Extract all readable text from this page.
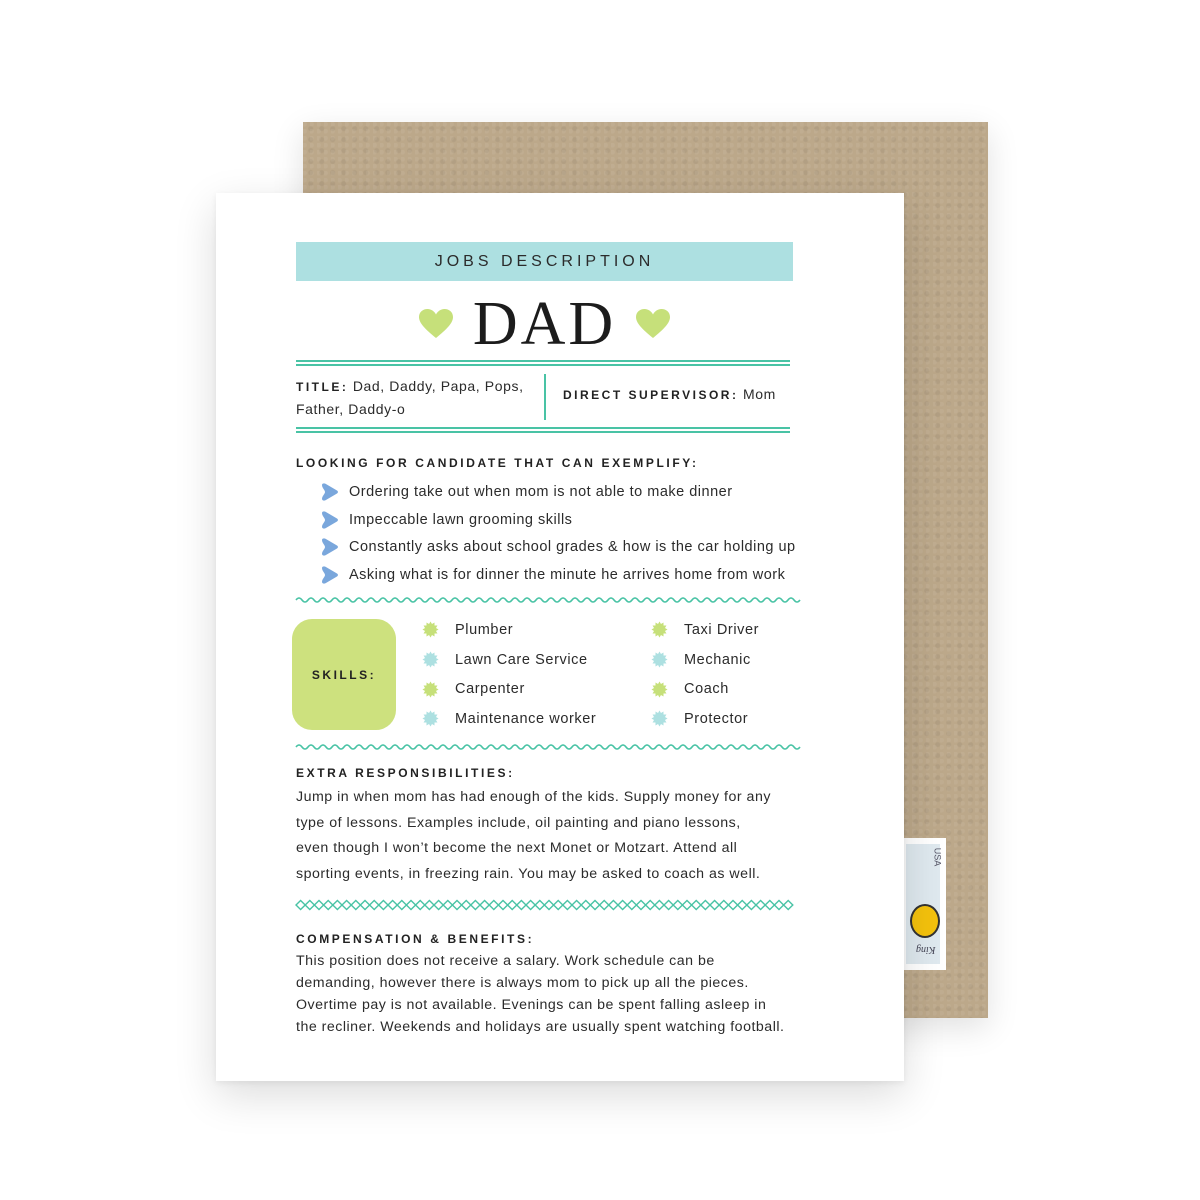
USA
King
JOBS DESCRIPTION
DAD
TITLE: Dad, Daddy, Papa, Pops, Father, Daddy-o
DIRECT SUPERVISOR: Mom
LOOKING FOR CANDIDATE THAT CAN EXEMPLIFY:
Ordering take out when mom is not able to make dinner
Impeccable lawn grooming skills
Constantly asks about school grades & how is the car holding up
Asking what is for dinner the minute he arrives home from work
SKILLS:
Plumber
Lawn Care Service
Carpenter
Maintenance worker
Taxi Driver
Mechanic
Coach
Protector
EXTRA RESPONSIBILITIES:
Jump in when mom has had enough of the kids. Supply money for any
type of lessons. Examples include, oil painting and piano lessons,
even though I won’t become the next Monet or Motzart. Attend all
sporting events, in freezing rain. You may be asked to coach as well.
COMPENSATION & BENEFITS:
This position does not receive a salary. Work schedule can be
demanding, however there is always mom to pick up all the pieces.
Overtime pay is not available. Evenings can be spent falling asleep in
the recliner. Weekends and holidays are usually spent watching football.
